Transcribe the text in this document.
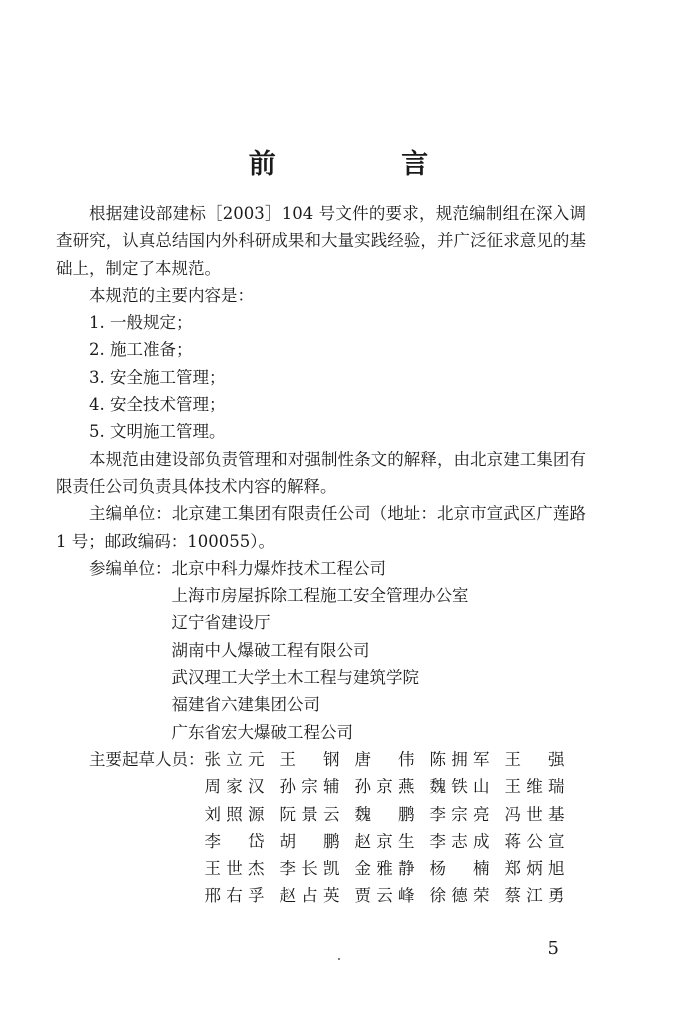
前 言

根据建设部建标［2003］104 号文件的要求，规范编制组在深入调查研究，认真总结国内外科研成果和大量实践经验，并广泛征求意见的基础上，制定了本规范。

本规范的主要内容是：

1. 一般规定；

2. 施工准备；

3. 安全施工管理；

4. 安全技术管理；

5. 文明施工管理。

本规范由建设部负责管理和对强制性条文的解释，由北京建工集团有限责任公司负责具体技术内容的解释。

主编单位：北京建工集团有限责任公司（地址：北京市宣武区广莲路 1 号；邮政编码：100055）。

参编单位： 北京中科力爆炸技术工程公司
上海市房屋拆除工程施工安全管理办公室
辽宁省建设厅
湖南中人爆破工程有限公司
武汉理工大学土木工程与建筑学院
福建省六建集团公司
广东省宏大爆破工程公司
主要起草人员： 张立元 王　钢 唐　伟 陈拥军 王　强
周家汉 孙宗辅 孙京燕 魏铁山 王维瑞
刘照源 阮景云 魏　鹏 李宗亮 冯世基
李　岱 胡　鹏 赵京生 李志成 蒋公宣
王世杰 李长凯 金雅静 杨　楠 郑炳旭
邢右孚 赵占英 贾云峰 徐德荣 蔡江勇
5
